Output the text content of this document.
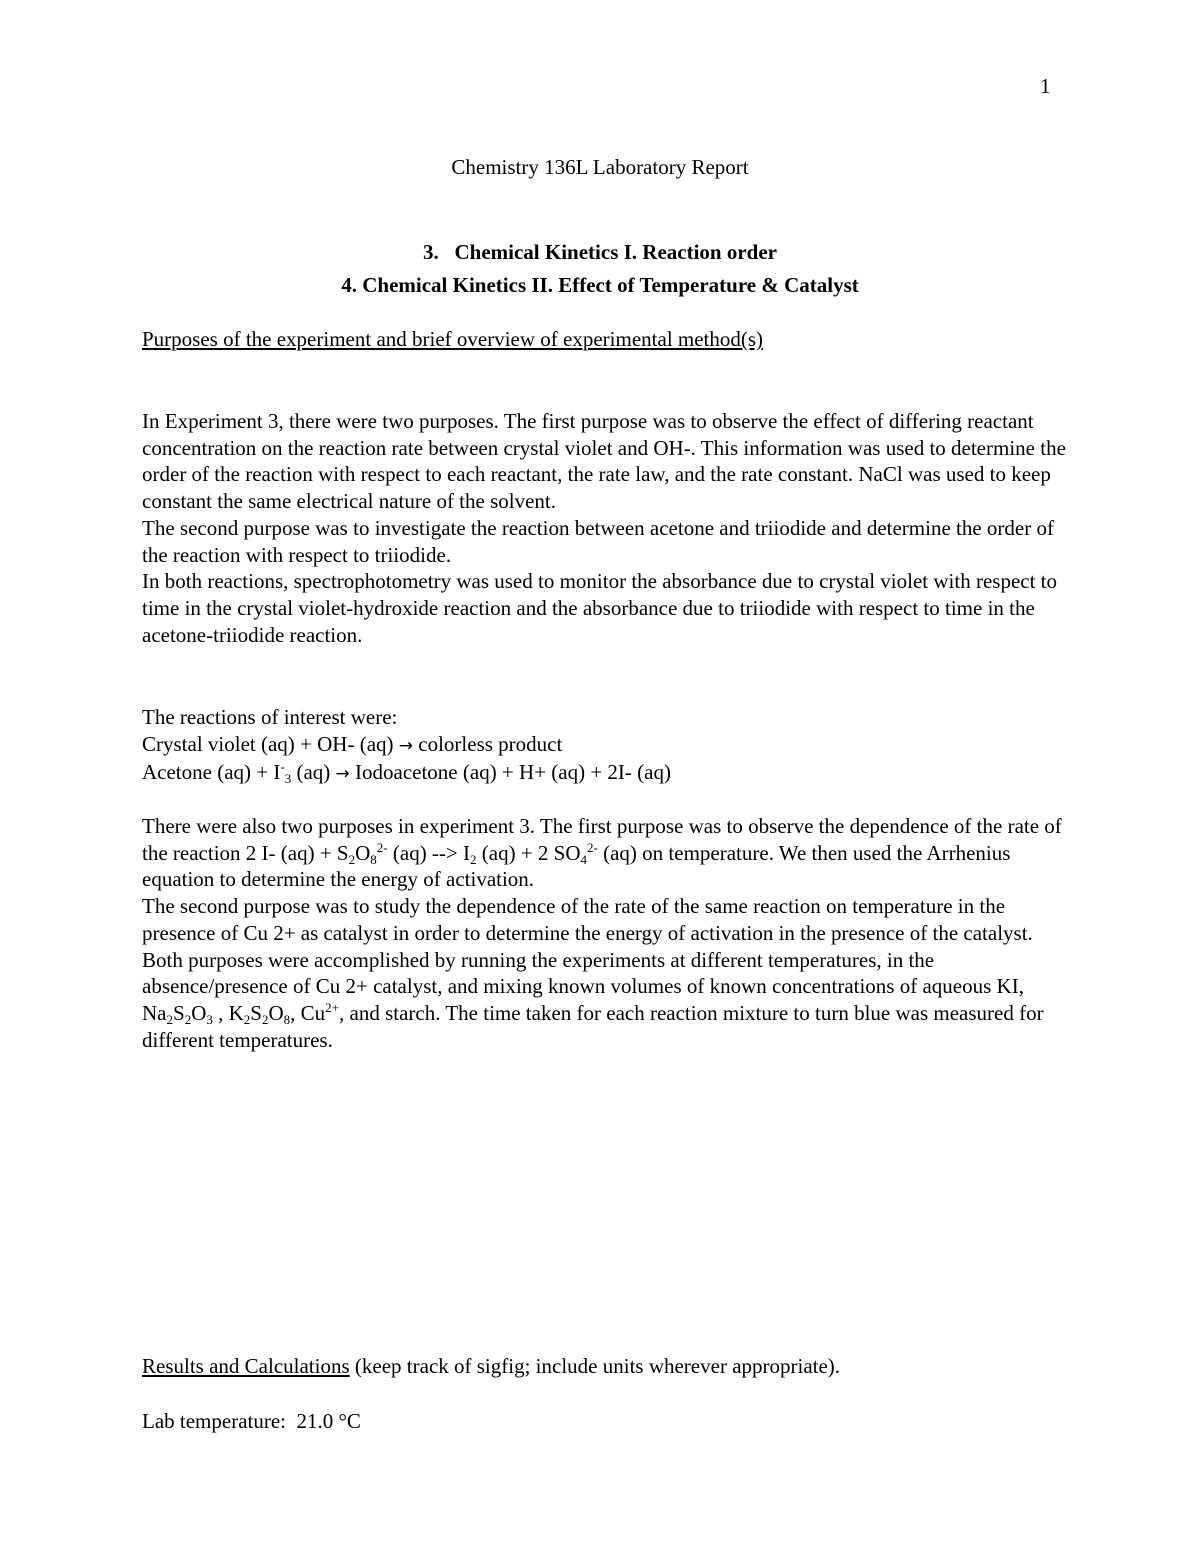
1
Chemistry 136L Laboratory Report
3.   Chemical Kinetics I. Reaction order
4. Chemical Kinetics II. Effect of Temperature & Catalyst
Purposes of the experiment and brief overview of experimental method(s)

In Experiment 3, there were two purposes. The first purpose was to observe the effect of differing reactant concentration on the reaction rate between crystal violet and OH-. This information was used to determine the order of the reaction with respect to each reactant, the rate law, and the rate constant. NaCl was used to keep constant the same electrical nature of the solvent.

The second purpose was to investigate the reaction between acetone and triiodide and determine the order of the reaction with respect to triiodide.

In both reactions, spectrophotometry was used to monitor the absorbance due to crystal violet with respect to time in the crystal violet-hydroxide reaction and the absorbance due to triiodide with respect to time in the acetone-triiodide reaction.

The reactions of interest were:

Crystal violet (aq) + OH- (aq) → colorless product

Acetone $(aq) + I^-_3$ (aq) → Iodoacetone (aq) + H+ (aq) + 2I- (aq)

There were also two purposes in experiment 3. The first purpose was to observe the dependence of the rate of the reaction 2 I- $(aq) + S_2O_8^{2-}$ (aq) --> $I_2$ (aq) + 2 $SO_4^{2-}$ (aq) on temperature. We then used the Arrhenius equation to determine the energy of activation.

The second purpose was to study the dependence of the rate of the same reaction on temperature in the presence of Cu 2+ as catalyst in order to determine the energy of activation in the presence of the catalyst. Both purposes were accomplished by running the experiments at different temperatures, in the absence/presence of Cu 2+ catalyst, and mixing known volumes of known concentrations of aqueous KI, $Na_2S_2O_3$ , $K_2S_2O_8$, $Cu^{2+}$, and starch. The time taken for each reaction mixture to turn blue was measured for different temperatures.

Results and Calculations (keep track of sigfig; include units wherever appropriate).
Lab temperature:  21.0 °C
